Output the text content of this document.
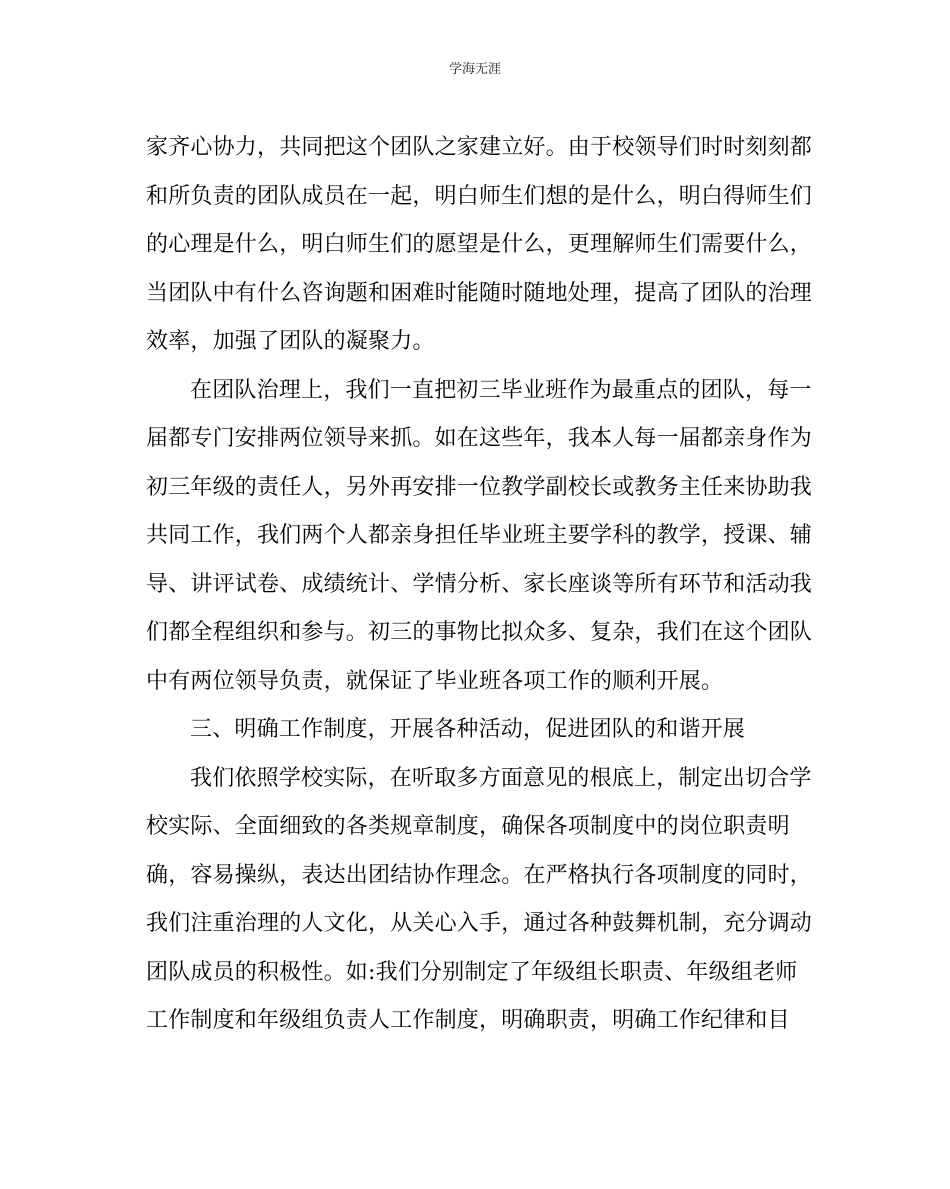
学海无涯

家齐心协力，共同把这个团队之家建立好。由于校领导们时时刻刻都
和所负责的团队成员在一起，明白师生们想的是什么，明白得师生们
的心理是什么，明白师生们的愿望是什么，更理解师生们需要什么，
当团队中有什么咨询题和困难时能随时随地处理，提高了团队的治理
效率，加强了团队的凝聚力。

在团队治理上，我们一直把初三毕业班作为最重点的团队，每一
届都专门安排两位领导来抓。如在这些年，我本人每一届都亲身作为
初三年级的责任人，另外再安排一位教学副校长或教务主任来协助我
共同工作，我们两个人都亲身担任毕业班主要学科的教学，授课、辅
导、讲评试卷、成绩统计、学情分析、家长座谈等所有环节和活动我
们都全程组织和参与。初三的事物比拟众多、复杂，我们在这个团队
中有两位领导负责，就保证了毕业班各项工作的顺利开展。

三、明确工作制度，开展各种活动，促进团队的和谐开展

我们依照学校实际，在听取多方面意见的根底上，制定出切合学
校实际、全面细致的各类规章制度，确保各项制度中的岗位职责明
确，容易操纵，表达出团结协作理念。在严格执行各项制度的同时，
我们注重治理的人文化，从关心入手，通过各种鼓舞机制，充分调动
团队成员的积极性。如:我们分别制定了年级组长职责、年级组老师
工作制度和年级组负责人工作制度，明确职责，明确工作纪律和目
